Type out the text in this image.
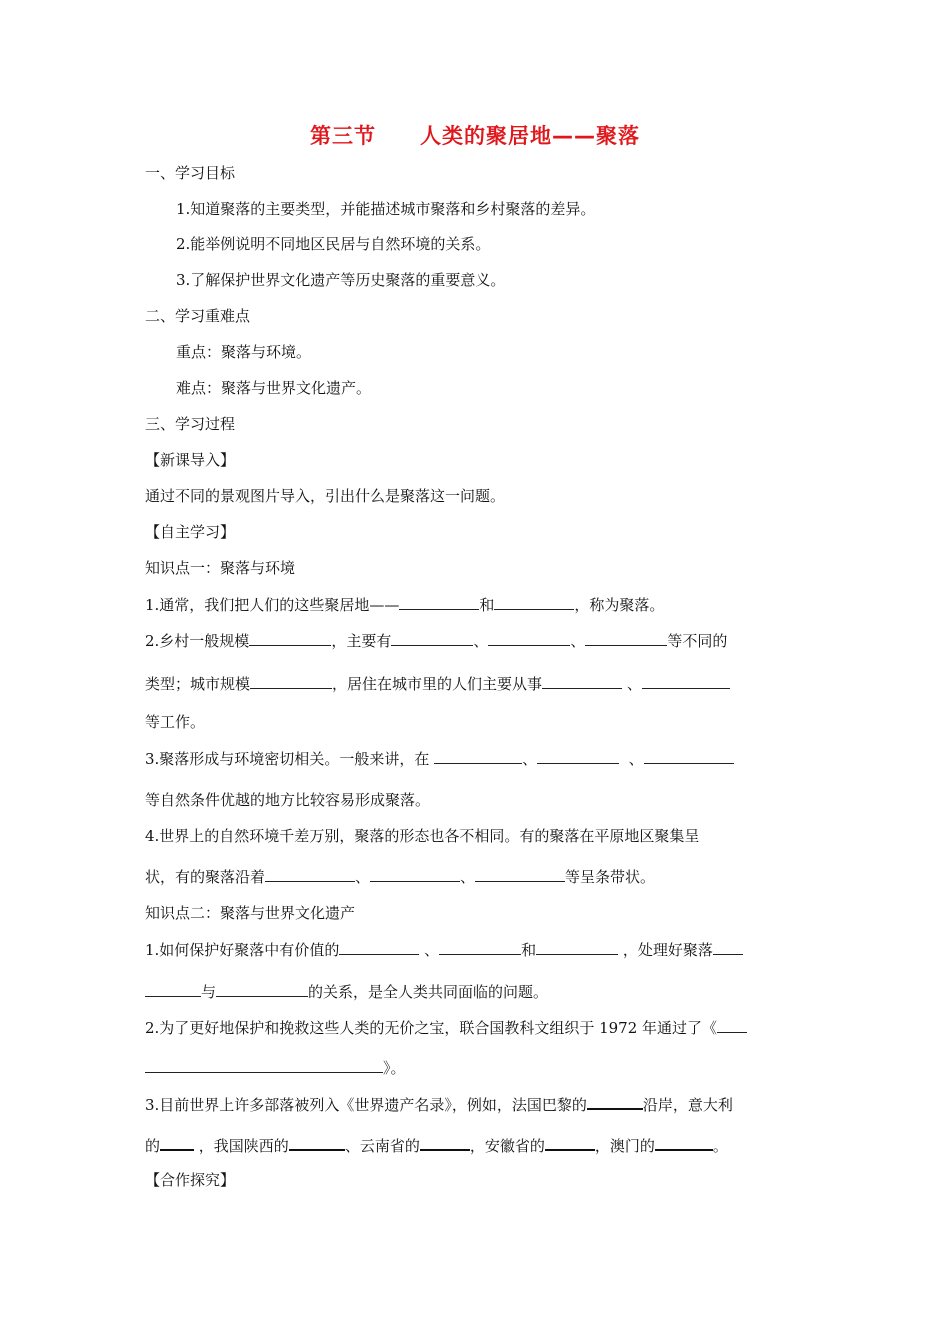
第三节　　人类的聚居地——聚落
一、学习目标
1.知道聚落的主要类型，并能描述城市聚落和乡村聚落的差异。
2.能举例说明不同地区民居与自然环境的关系。
3.了解保护世界文化遗产等历史聚落的重要意义。
二、学习重难点
重点：聚落与环境。
难点：聚落与世界文化遗产。
三、学习过程
【新课导入】
通过不同的景观图片导入，引出什么是聚落这一问题。
【自主学习】
知识点一：聚落与环境
1.通常，我们把人们的这些聚居地——	和	，称为聚落。
2.乡村一般规模	，主要有	、	、	等不同的
类型；城市规模	，居住在城市里的人们主要从事	、
等工作。
3.聚落形成与环境密切相关。一般来讲，在	、	、
等自然条件优越的地方比较容易形成聚落。
4.世界上的自然环境千差万别，聚落的形态也各不相同。有的聚落在平原地区聚集呈
状，有的聚落沿着	、	、	等呈条带状。
知识点二：聚落与世界文化遗产
1.如何保护好聚落中有价值的	、	和	，处理好聚落
与	的关系，是全人类共同面临的问题。
2.为了更好地保护和挽救这些人类的无价之宝，联合国教科文组织于 1972 年通过了《
》。
3.目前世界上许多部落被列入《世界遗产名录》，例如，法国巴黎的	沿岸，意大利
的	，我国陕西的	、云南省的	，安徽省的	，澳门的	。
【合作探究】
